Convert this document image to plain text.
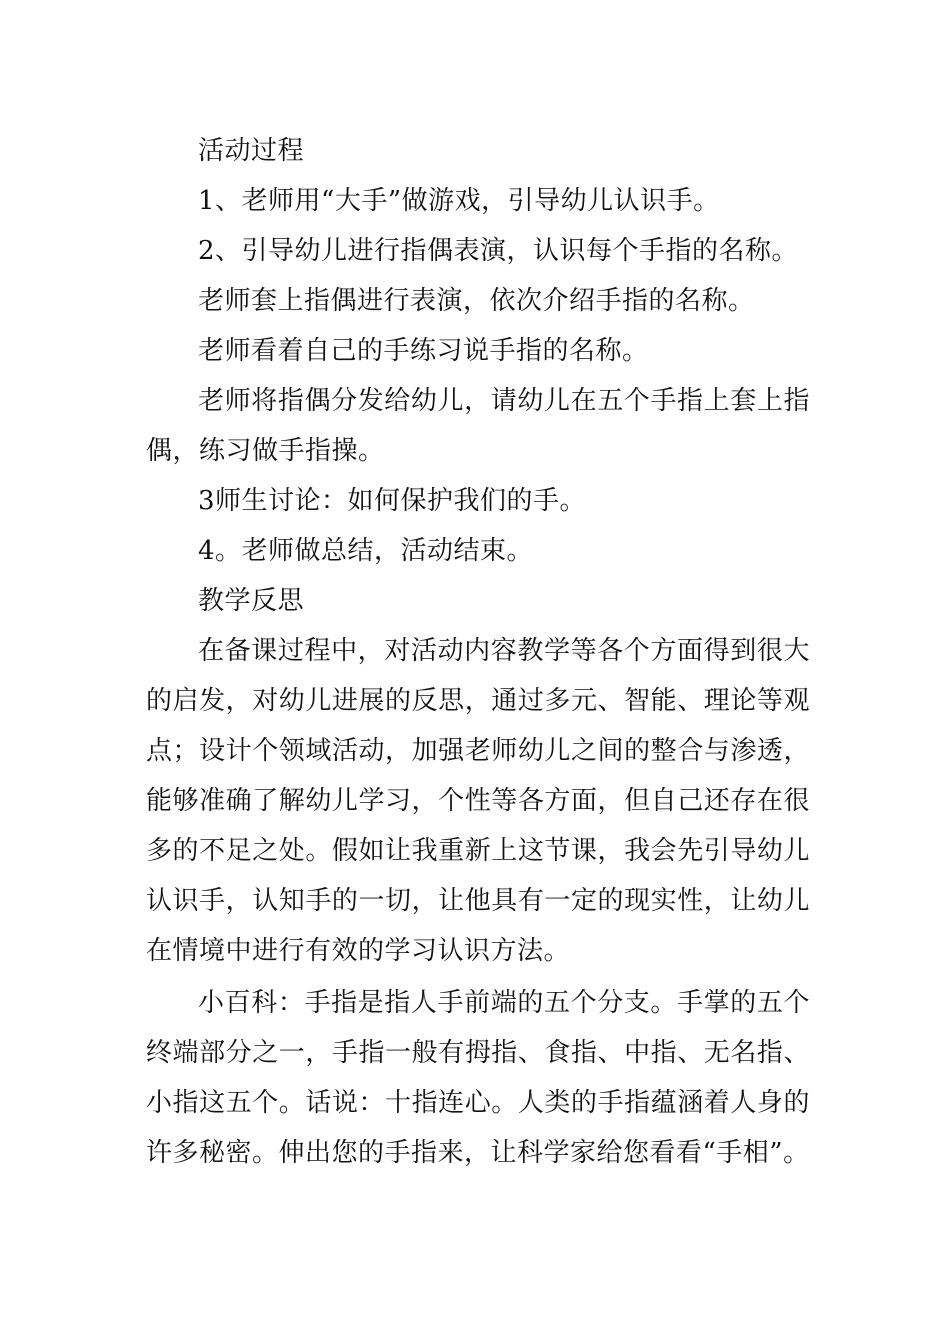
活动过程

1、老师用“大手”做游戏，引导幼儿认识手。

2、引导幼儿进行指偶表演，认识每个手指的名称。

老师套上指偶进行表演，依次介绍手指的名称。

老师看着自己的手练习说手指的名称。

老师将指偶分发给幼儿，请幼儿在五个手指上套上指偶，练习做手指操。

3师生讨论：如何保护我们的手。

4。老师做总结，活动结束。

教学反思

在备课过程中，对活动内容教学等各个方面得到很大的启发，对幼儿进展的反思，通过多元、智能、理论等观点；设计个领域活动，加强老师幼儿之间的整合与渗透，能够准确了解幼儿学习，个性等各方面，但自己还存在很多的不足之处。假如让我重新上这节课，我会先引导幼儿认识手，认知手的一切，让他具有一定的现实性，让幼儿在情境中进行有效的学习认识方法。

小百科：手指是指人手前端的五个分支。手掌的五个终端部分之一，手指一般有拇指、食指、中指、无名指、小指这五个。话说：十指连心。人类的手指蕴涵着人身的许多秘密。伸出您的手指来，让科学家给您看看“手相”。
